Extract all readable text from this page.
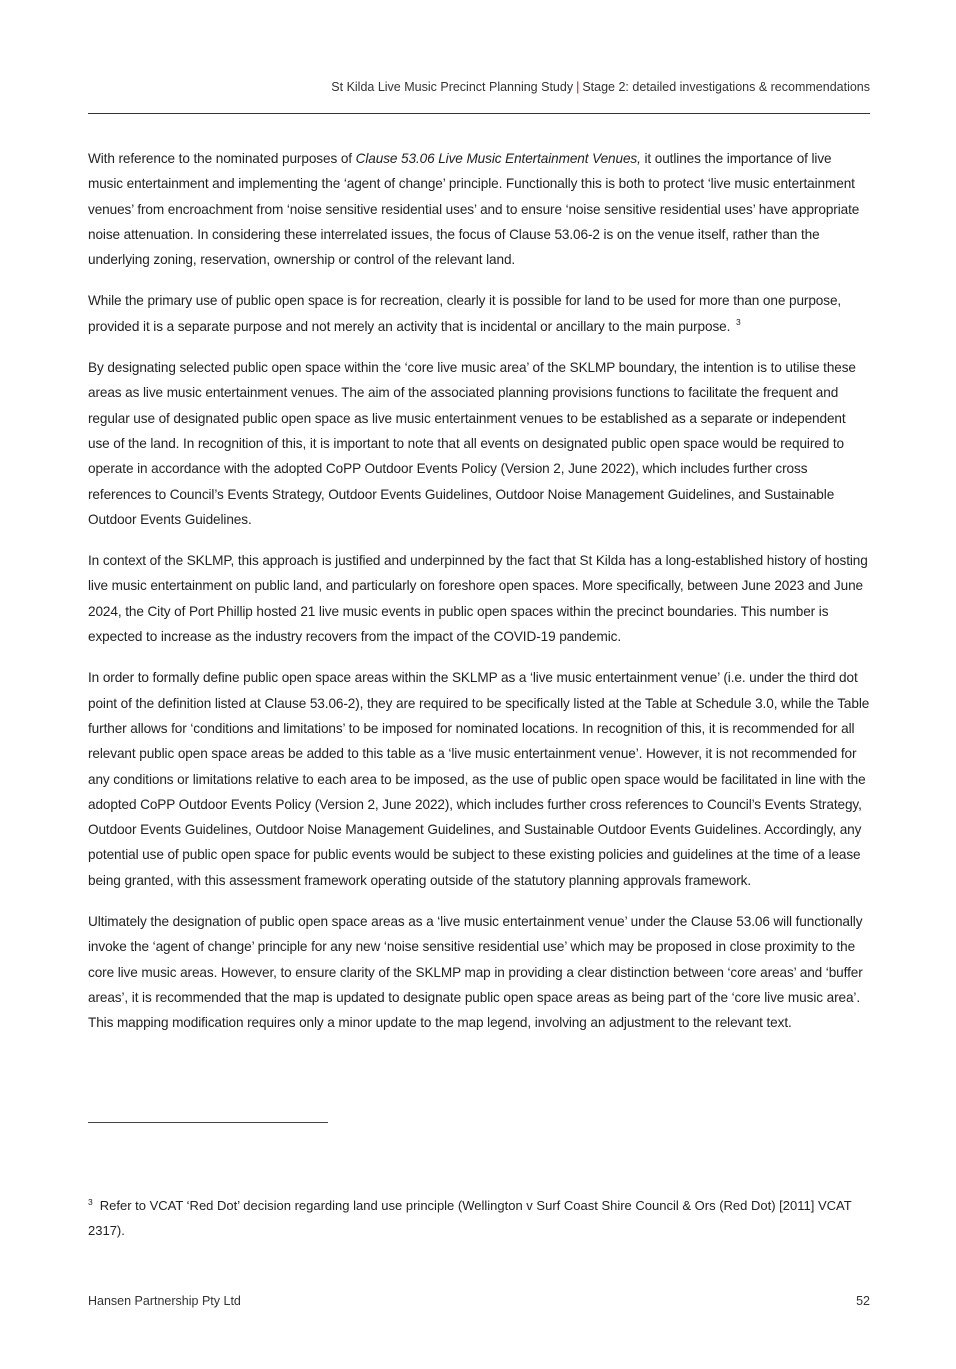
St Kilda Live Music Precinct Planning Study | Stage 2: detailed investigations & recommendations

With reference to the nominated purposes of Clause 53.06 Live Music Entertainment Venues, it outlines the importance of live music entertainment and implementing the ‘agent of change’ principle. Functionally this is both to protect ‘live music entertainment venues’ from encroachment from ‘noise sensitive residential uses’ and to ensure ‘noise sensitive residential uses’ have appropriate noise attenuation. In considering these interrelated issues, the focus of Clause 53.06-2 is on the venue itself, rather than the underlying zoning, reservation, ownership or control of the relevant land.

While the primary use of public open space is for recreation, clearly it is possible for land to be used for more than one purpose, provided it is a separate purpose and not merely an activity that is incidental or ancillary to the main purpose. $^3$

By designating selected public open space within the ‘core live music area’ of the SKLMP boundary, the intention is to utilise these areas as live music entertainment venues. The aim of the associated planning provisions functions to facilitate the frequent and regular use of designated public open space as live music entertainment venues to be established as a separate or independent use of the land. In recognition of this, it is important to note that all events on designated public open space would be required to operate in accordance with the adopted CoPP Outdoor Events Policy (Version 2, June 2022), which includes further cross references to Council’s Events Strategy, Outdoor Events Guidelines, Outdoor Noise Management Guidelines, and Sustainable Outdoor Events Guidelines.

In context of the SKLMP, this approach is justified and underpinned by the fact that St Kilda has a long-established history of hosting live music entertainment on public land, and particularly on foreshore open spaces. More specifically, between June 2023 and June 2024, the City of Port Phillip hosted 21 live music events in public open spaces within the precinct boundaries. This number is expected to increase as the industry recovers from the impact of the COVID-19 pandemic.

In order to formally define public open space areas within the SKLMP as a ‘live music entertainment venue’ (i.e. under the third dot point of the definition listed at Clause 53.06-2), they are required to be specifically listed at the Table at Schedule 3.0, while the Table further allows for ‘conditions and limitations’ to be imposed for nominated locations. In recognition of this, it is recommended for all relevant public open space areas be added to this table as a ‘live music entertainment venue’. However, it is not recommended for any conditions or limitations relative to each area to be imposed, as the use of public open space would be facilitated in line with the adopted CoPP Outdoor Events Policy (Version 2, June 2022), which includes further cross references to Council’s Events Strategy, Outdoor Events Guidelines, Outdoor Noise Management Guidelines, and Sustainable Outdoor Events Guidelines. Accordingly, any potential use of public open space for public events would be subject to these existing policies and guidelines at the time of a lease being granted, with this assessment framework operating outside of the statutory planning approvals framework.

Ultimately the designation of public open space areas as a ‘live music entertainment venue’ under the Clause 53.06 will functionally invoke the ‘agent of change’ principle for any new ‘noise sensitive residential use’ which may be proposed in close proximity to the core live music areas. However, to ensure clarity of the SKLMP map in providing a clear distinction between ‘core areas’ and ‘buffer areas’, it is recommended that the map is updated to designate public open space areas as being part of the ‘core live music area’. This mapping modification requires only a minor update to the map legend, involving an adjustment to the relevant text.

$^3$ Refer to VCAT ‘Red Dot’ decision regarding land use principle (Wellington v Surf Coast Shire Council & Ors (Red Dot) [2011] VCAT 2317).
Hansen Partnership Pty Ltd	52
